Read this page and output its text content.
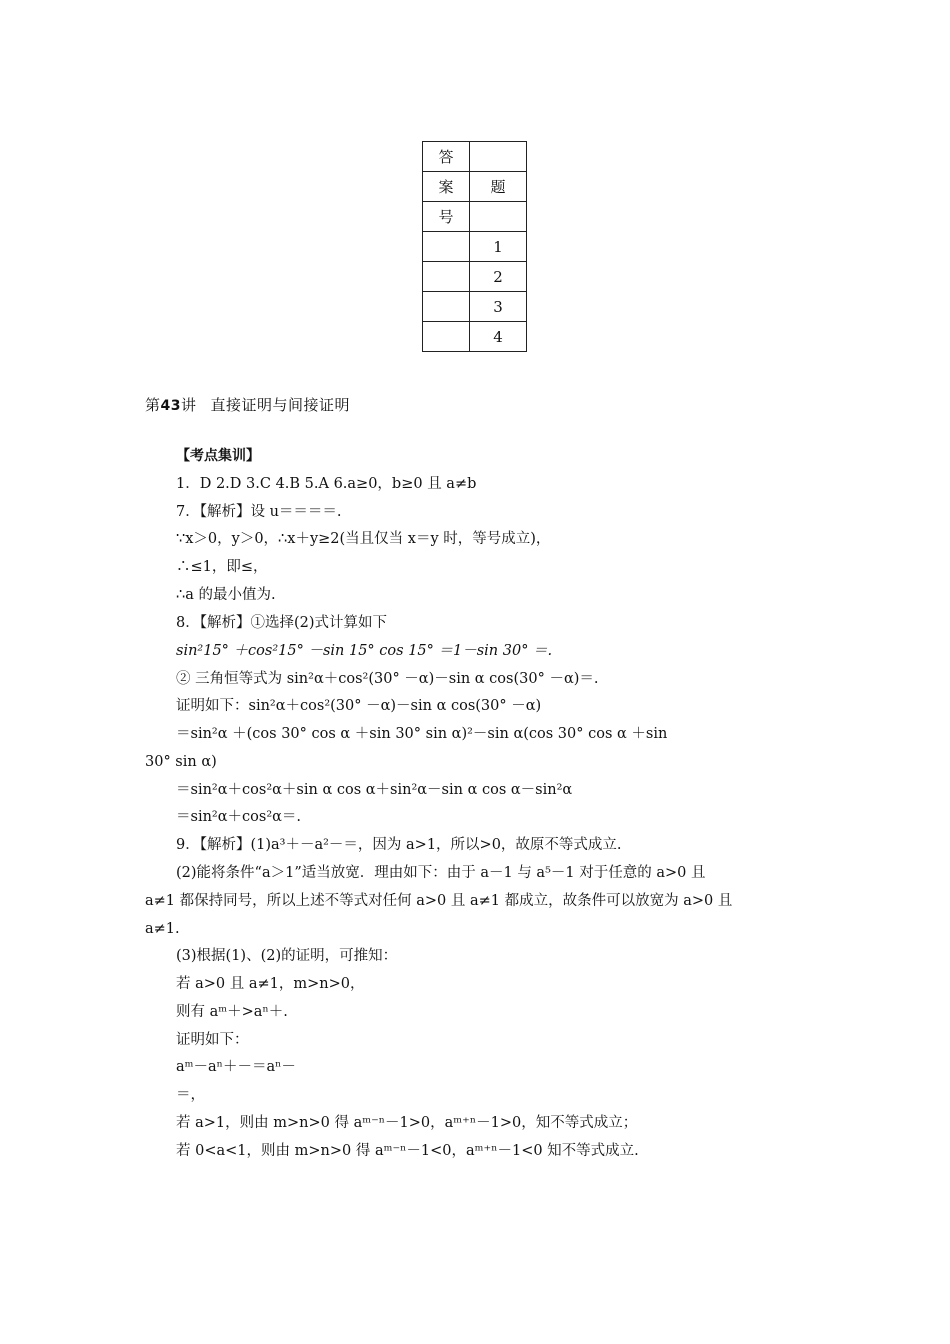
答	
案	题
号	
	1
	2
	3
	4
第43讲 直接证明与间接证明
【考点集训】
1．D 2.D 3.C 4.B 5.A 6.a≥0，b≥0 且 a≠b
7．【解析】设 u＝＝＝＝.
∵x＞0，y＞0，∴x＋y≥2(当且仅当 x＝y 时，等号成立)，
∴≤1，即≤，
∴a 的最小值为.
8．【解析】①选择(2)式计算如下
sin²15° ＋cos²15° －sin 15° cos 15° ＝1－sin 30° ＝.
② 三角恒等式为 sin²α＋cos²(30° －α)－sin α cos(30° －α)＝.
证明如下：sin²α＋cos²(30° －α)－sin α cos(30° －α)
＝sin²α ＋(cos 30° cos α ＋sin 30° sin α)²－sin α(cos 30° cos α ＋sin
30° sin α)
＝sin²α＋cos²α＋sin α cos α＋sin²α－sin α cos α－sin²α
＝sin²α＋cos²α＝.
9．【解析】(1)a³＋－a²－＝，因为 a>1，所以>0，故原不等式成立.
(2)能将条件“a＞1”适当放宽．理由如下：由于 a－1 与 a⁵－1 对于任意的 a>0 且
a≠1 都保持同号，所以上述不等式对任何 a>0 且 a≠1 都成立，故条件可以放宽为 a>0 且
a≠1.
(3)根据(1)、(2)的证明，可推知：
若 a>0 且 a≠1，m>n>0，
则有 aᵐ＋>aⁿ＋.
证明如下：
aᵐ－aⁿ＋－＝aⁿ－
＝，
若 a>1，则由 m>n>0 得 aᵐ⁻ⁿ－1>0，aᵐ⁺ⁿ－1>0，知不等式成立；
若 0<a<1，则由 m>n>0 得 aᵐ⁻ⁿ－1<0，aᵐ⁺ⁿ－1<0 知不等式成立.
